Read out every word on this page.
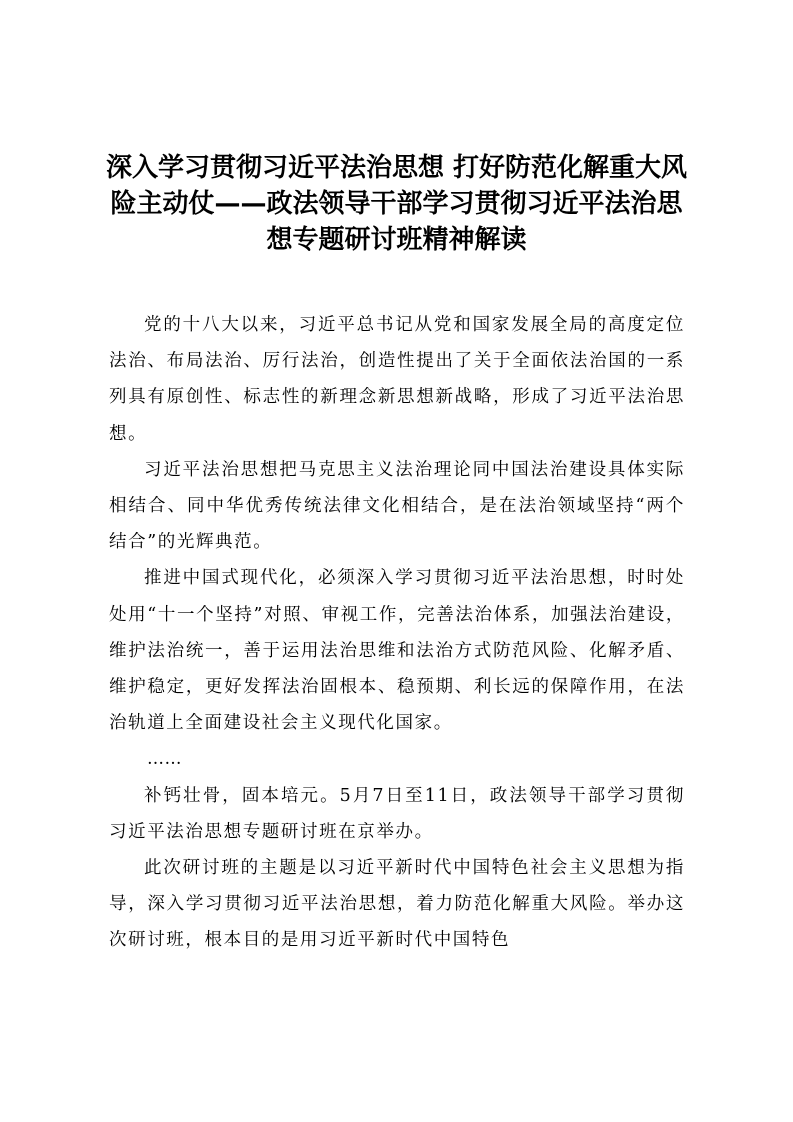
深入学习贯彻习近平法治思想 打好防范化解重大风险主动仗——政法领导干部学习贯彻习近平法治思想专题研讨班精神解读

党的十八大以来，习近平总书记从党和国家发展全局的高度定位法治、布局法治、厉行法治，创造性提出了关于全面依法治国的一系列具有原创性、标志性的新理念新思想新战略，形成了习近平法治思想。

习近平法治思想把马克思主义法治理论同中国法治建设具体实际相结合、同中华优秀传统法律文化相结合，是在法治领域坚持“两个结合”的光辉典范。

推进中国式现代化，必须深入学习贯彻习近平法治思想，时时处处用“十一个坚持”对照、审视工作，完善法治体系，加强法治建设，维护法治统一，善于运用法治思维和法治方式防范风险、化解矛盾、维护稳定，更好发挥法治固根本、稳预期、利长远的保障作用，在法治轨道上全面建设社会主义现代化国家。

……

补钙壮骨，固本培元。5月7日至11日，政法领导干部学习贯彻习近平法治思想专题研讨班在京举办。

此次研讨班的主题是以习近平新时代中国特色社会主义思想为指导，深入学习贯彻习近平法治思想，着力防范化解重大风险。举办这次研讨班，根本目的是用习近平新时代中国特色
